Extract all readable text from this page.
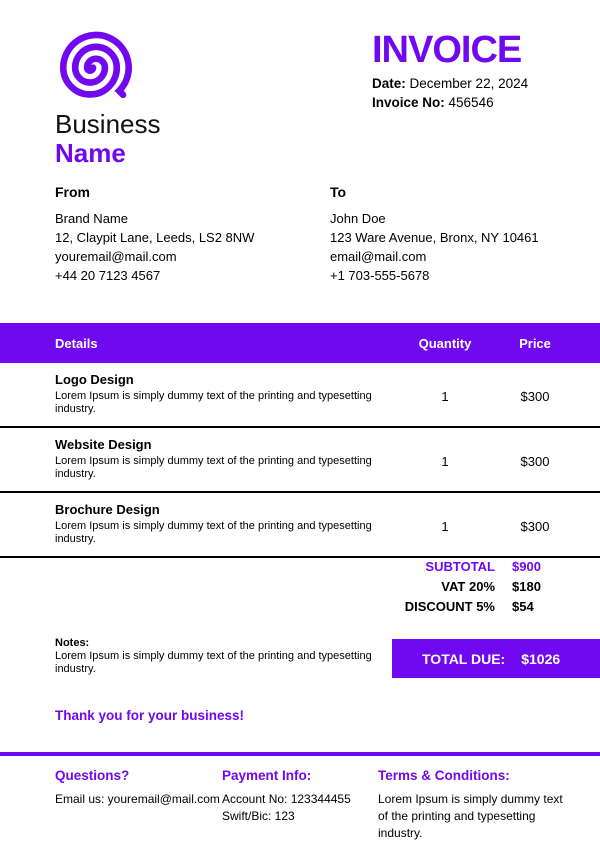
Business
Name
INVOICE
Date: December 22, 2024
Invoice No: 456546
From
Brand Name
12, Claypit Lane, Leeds, LS2 8NW
youremail@mail.com
+44 20 7123 4567
To
John Doe
123 Ware Avenue, Bronx, NY 10461
email@mail.com
+1 703-555-5678
Details	Quantity	Price
Logo Design
Lorem Ipsum is simply dummy text of the printing and typesetting industry.
1	$300
Website Design
Lorem Ipsum is simply dummy text of the printing and typesetting industry.
1	$300
Brochure Design
Lorem Ipsum is simply dummy text of the printing and typesetting industry.
1	$300
SUBTOTAL $900
VAT 20% $180
DISCOUNT 5% $54
Notes:
Lorem Ipsum is simply dummy text of the printing and typesetting industry.
TOTAL DUE: $1026
Thank you for your business!
Questions?
Email us: youremail@mail.com
Payment Info:
Account No: 123344455
Swift/Bic: 123
Terms & Conditions:
Lorem Ipsum is simply dummy text of the printing and typesetting industry.
